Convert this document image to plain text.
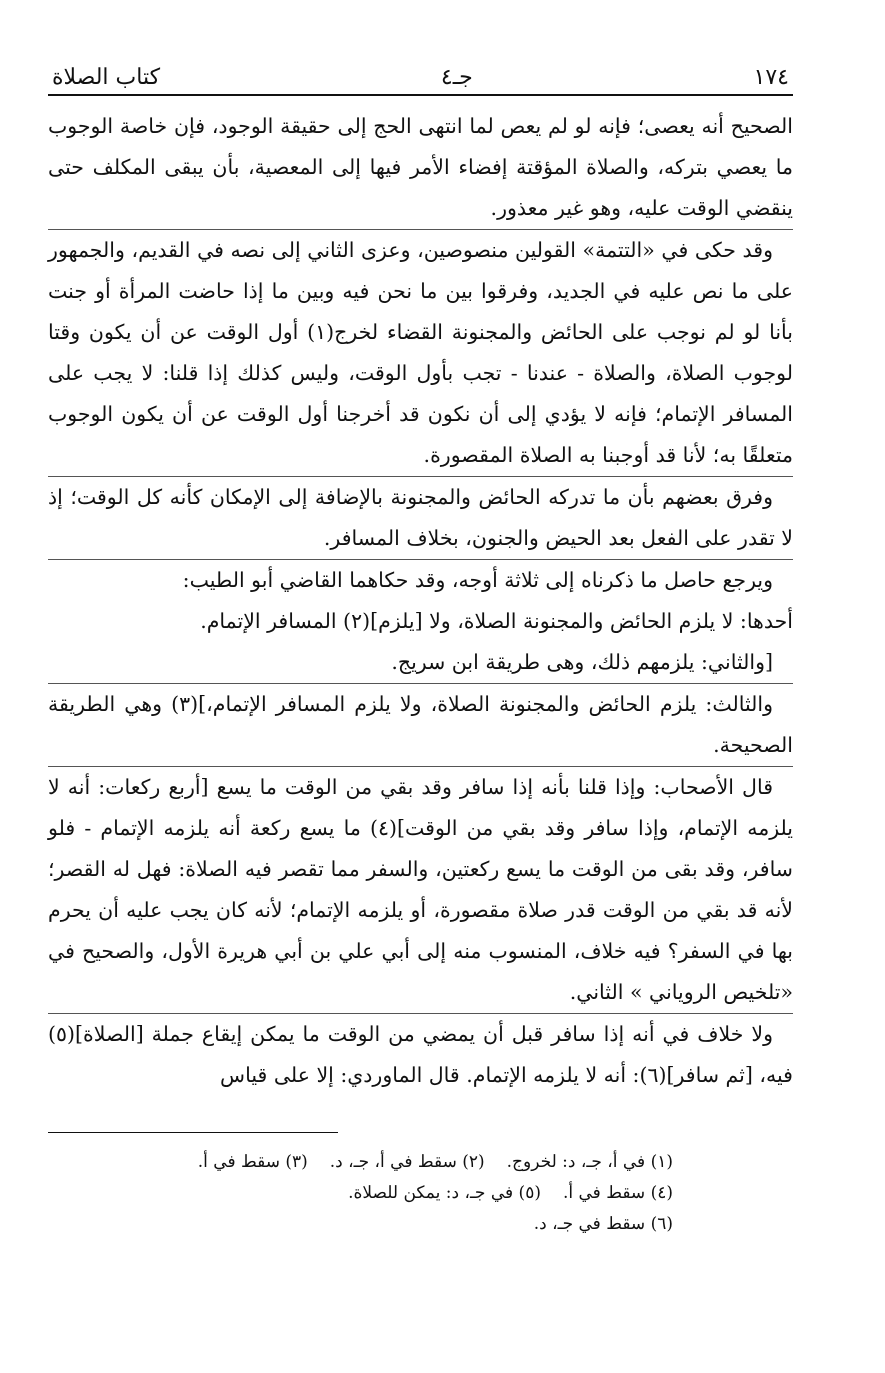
١٧٤
جـ٤
كتاب الصلاة

الصحيح أنه يعصى؛ فإنه لو لم يعص لما انتهى الحج إلى حقيقة الوجود، فإن خاصة الوجوب ما يعصي بتركه، والصلاة المؤقتة إفضاء الأمر فيها إلى المعصية، بأن يبقى المكلف حتى ينقضي الوقت عليه، وهو غير معذور.

وقد حكى في «التتمة» القولين منصوصين، وعزى الثاني إلى نصه في القديم، والجمهور على ما نص عليه في الجديد، وفرقوا بين ما نحن فيه وبين ما إذا حاضت المرأة أو جنت بأنا لو لم نوجب على الحائض والمجنونة القضاء لخرج(١) أول الوقت عن أن يكون وقتا لوجوب الصلاة، والصلاة - عندنا - تجب بأول الوقت، وليس كذلك إذا قلنا: لا يجب على المسافر الإتمام؛ فإنه لا يؤدي إلى أن نكون قد أخرجنا أول الوقت عن أن يكون الوجوب متعلقًا به؛ لأنا قد أوجبنا به الصلاة المقصورة.

وفرق بعضهم بأن ما تدركه الحائض والمجنونة بالإضافة إلى الإمكان كأنه كل الوقت؛ إذ لا تقدر على الفعل بعد الحيض والجنون، بخلاف المسافر.

ويرجع حاصل ما ذكرناه إلى ثلاثة أوجه، وقد حكاهما القاضي أبو الطيب:

أحدها: لا يلزم الحائض والمجنونة الصلاة، ولا [يلزم](٢) المسافر الإتمام.

[والثاني: يلزمهم ذلك، وهى طريقة ابن سريج.

والثالث: يلزم الحائض والمجنونة الصلاة، ولا يلزم المسافر الإتمام،](٣) وهي الطريقة الصحيحة.

قال الأصحاب: وإذا قلنا بأنه إذا سافر وقد بقي من الوقت ما يسع [أربع ركعات: أنه لا يلزمه الإتمام، وإذا سافر وقد بقي من الوقت](٤) ما يسع ركعة أنه يلزمه الإتمام - فلو سافر، وقد بقى من الوقت ما يسع ركعتين، والسفر مما تقصر فيه الصلاة: فهل له القصر؛ لأنه قد بقي من الوقت قدر صلاة مقصورة، أو يلزمه الإتمام؛ لأنه كان يجب عليه أن يحرم بها في السفر؟ فيه خلاف، المنسوب منه إلى أبي علي بن أبي هريرة الأول، والصحيح في «تلخيص الروياني » الثاني.

ولا خلاف في أنه إذا سافر قبل أن يمضي من الوقت ما يمكن إيقاع جملة [الصلاة](٥) فيه، [ثم سافر](٦): أنه لا يلزمه الإتمام. قال الماوردي: إلا على قياس

(١) في أ، جـ، د: لخروج.
(٢) سقط في أ، جـ، د.
(٣) سقط في أ.
(٤) سقط في أ.
(٥) في جـ، د: يمكن للصلاة.
(٦) سقط في جـ، د.
